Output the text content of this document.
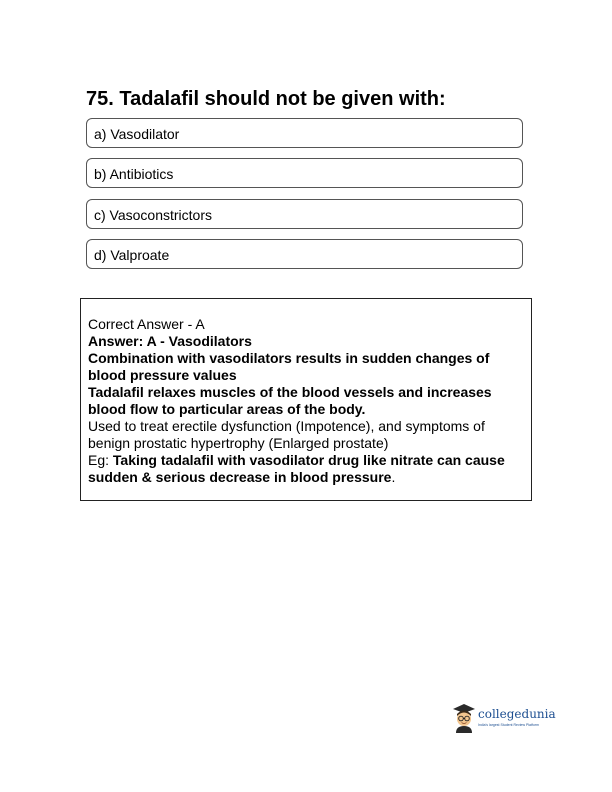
75. Tadalafil should not be given with:
a) Vasodilator
b) Antibiotics
c) Vasoconstrictors
d) Valproate
Correct Answer - A
Answer: A - Vasodilators
Combination with vasodilators results in sudden changes of blood pressure values
Tadalafil relaxes muscles of the blood vessels and increases blood flow to particular areas of the body.
Used to treat erectile dysfunction (Impotence), and symptoms of benign prostatic hypertrophy (Enlarged prostate)
Eg: Taking tadalafil with vasodilator drug like nitrate can cause sudden & serious decrease in blood pressure.
collegedunia
India's largest Student Review Platform
